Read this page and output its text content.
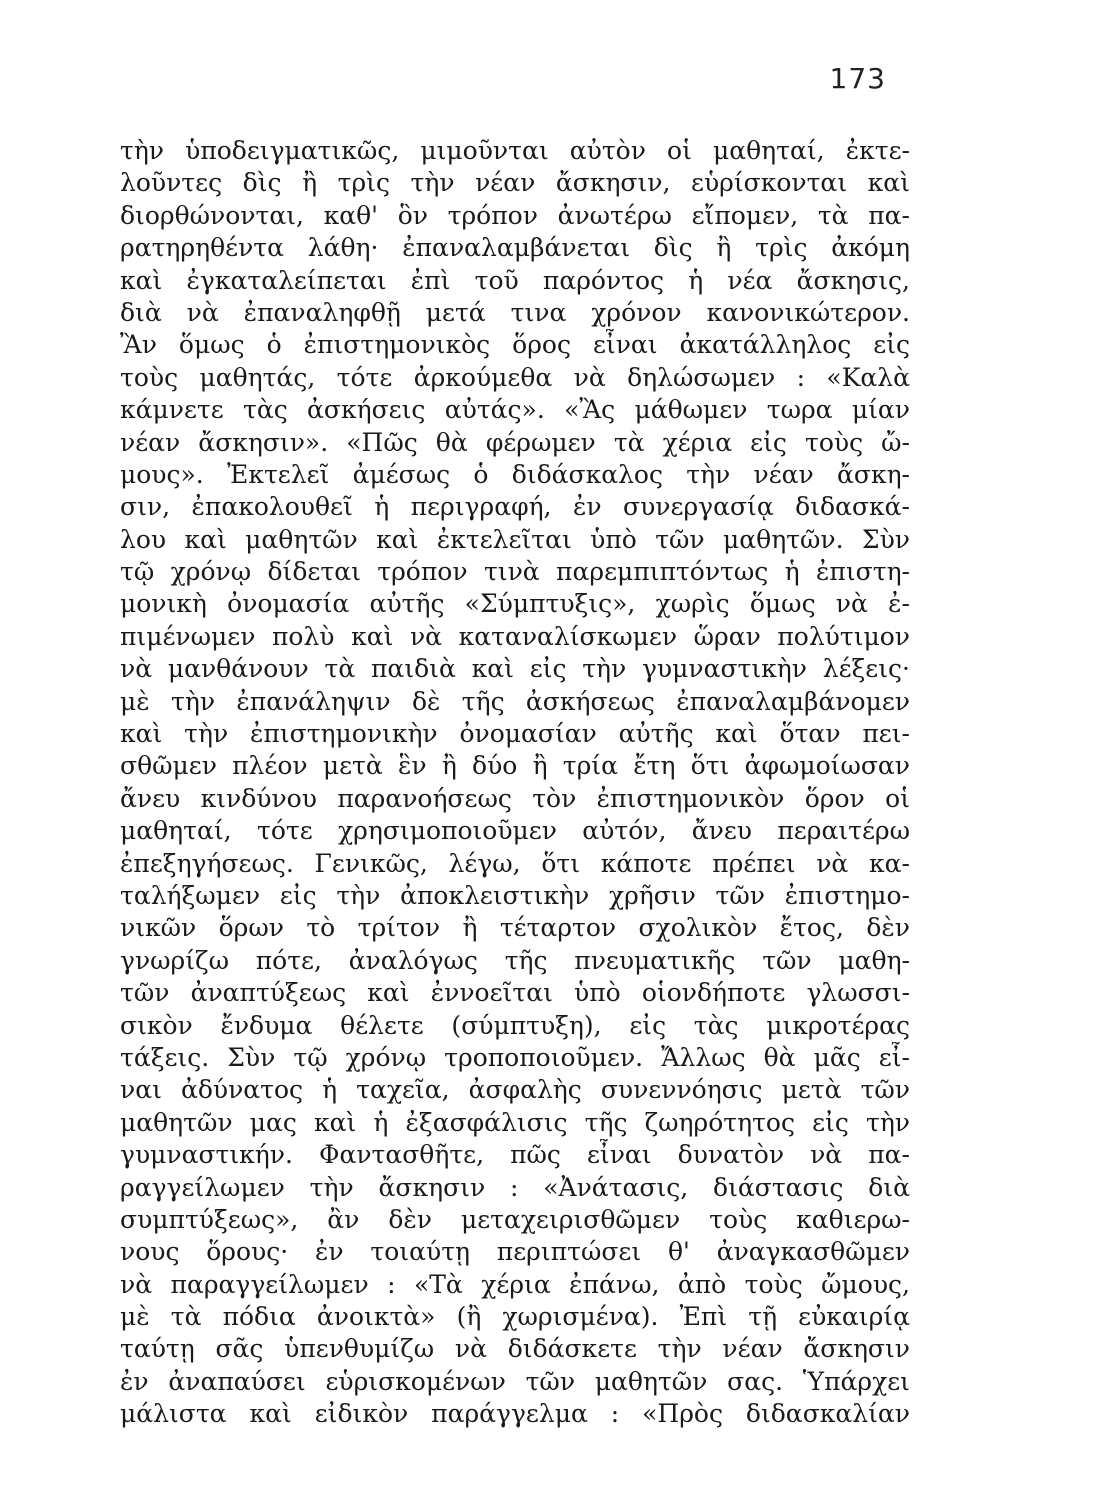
173
τὴν ὑποδειγματικῶς, μιμοῦνται αὐτὸν οἱ μαθηταί, ἐκτε-
λοῦντες δὶς ἢ τρὶς τὴν νέαν ἄσκησιν, εὑρίσκονται καὶ
διορθώνονται, καθ' ὃν τρόπον ἀνωτέρω εἴπομεν, τὰ πα-
ρατηρηθέντα λάθη· ἐπαναλαμβάνεται δὶς ἢ τρὶς ἀκόμη
καὶ ἐγκαταλείπεται ἐπὶ τοῦ παρόντος ἡ νέα ἄσκησις,
διὰ νὰ ἐπαναληφθῇ μετά τινα χρόνον κανονικώτερον.
Ἂν ὅμως ὁ ἐπιστημονικὸς ὅρος εἶναι ἀκατάλληλος εἰς
τοὺς μαθητάς, τότε ἀρκούμεθα νὰ δηλώσωμεν : «Καλὰ
κάμνετε τὰς ἀσκήσεις αὐτάς». «Ἂς μάθωμεν τωρα μίαν
νέαν ἄσκησιν». «Πῶς θὰ φέρωμεν τὰ χέρια εἰς τοὺς ὤ-
μους». Ἐκτελεῖ ἀμέσως ὁ διδάσκαλος τὴν νέαν ἄσκη-
σιν, ἐπακολουθεῖ ἡ περιγραφή, ἐν συνεργασίᾳ διδασκά-
λου καὶ μαθητῶν καὶ ἐκτελεῖται ὑπὸ τῶν μαθητῶν. Σὺν
τῷ χρόνῳ δίδεται τρόπον τινὰ παρεμπιπτόντως ἡ ἐπιστη-
μονικὴ ὀνομασία αὐτῆς «Σύμπτυξις», χωρὶς ὅμως νὰ ἐ-
πιμένωμεν πολὺ καὶ νὰ καταναλίσκωμεν ὥραν πολύτιμον
νὰ μανθάνουν τὰ παιδιὰ καὶ εἰς τὴν γυμναστικὴν λέξεις·
μὲ τὴν ἐπανάληψιν δὲ τῆς ἀσκήσεως ἐπαναλαμβάνομεν
καὶ τὴν ἐπιστημονικὴν ὀνομασίαν αὐτῆς καὶ ὅταν πει-
σθῶμεν πλέον μετὰ ἓν ἢ δύο ἢ τρία ἔτη ὅτι ἀφωμοίωσαν
ἄνευ κινδύνου παρανοήσεως τὸν ἐπιστημονικὸν ὅρον οἱ
μαθηταί, τότε χρησιμοποιοῦμεν αὐτόν, ἄνευ περαιτέρω
ἐπεξηγήσεως. Γενικῶς, λέγω, ὅτι κάποτε πρέπει νὰ κα-
ταλήξωμεν εἰς τὴν ἀποκλειστικὴν χρῆσιν τῶν ἐπιστημο-
νικῶν ὅρων τὸ τρίτον ἢ τέταρτον σχολικὸν ἔτος, δὲν
γνωρίζω πότε, ἀναλόγως τῆς πνευματικῆς τῶν μαθη-
τῶν ἀναπτύξεως καὶ ἐννοεῖται ὑπὸ οἱονδήποτε γλωσσι-
σικὸν ἔνδυμα θέλετε (σύμπτυξη), εἰς τὰς μικροτέρας
τάξεις. Σὺν τῷ χρόνῳ τροποποιοῦμεν. Ἄλλως θὰ μᾶς εἶ-
ναι ἀδύνατος ἡ ταχεῖα, ἀσφαλὴς συνεννόησις μετὰ τῶν
μαθητῶν μας καὶ ἡ ἐξασφάλισις τῆς ζωηρότητος εἰς τὴν
γυμναστικήν. Φαντασθῆτε, πῶς εἶναι δυνατὸν νὰ πα-
ραγγείλωμεν τὴν ἄσκησιν : «Ἀνάτασις, διάστασις διὰ
συμπτύξεως», ἂν δὲν μεταχειρισθῶμεν τοὺς καθιερω-
νους ὅρους· ἐν τοιαύτῃ περιπτώσει θ' ἀναγκασθῶμεν
νὰ παραγγείλωμεν : «Τὰ χέρια ἐπάνω, ἀπὸ τοὺς ὤμους,
μὲ τὰ πόδια ἀνοικτὰ» (ἢ χωρισμένα). Ἐπὶ τῇ εὐκαιρίᾳ
ταύτῃ σᾶς ὑπενθυμίζω νὰ διδάσκετε τὴν νέαν ἄσκησιν
ἐν ἀναπαύσει εὑρισκομένων τῶν μαθητῶν σας. Ὑπάρχει
μάλιστα καὶ εἰδικὸν παράγγελμα : «Πρὸς διδασκαλίαν
